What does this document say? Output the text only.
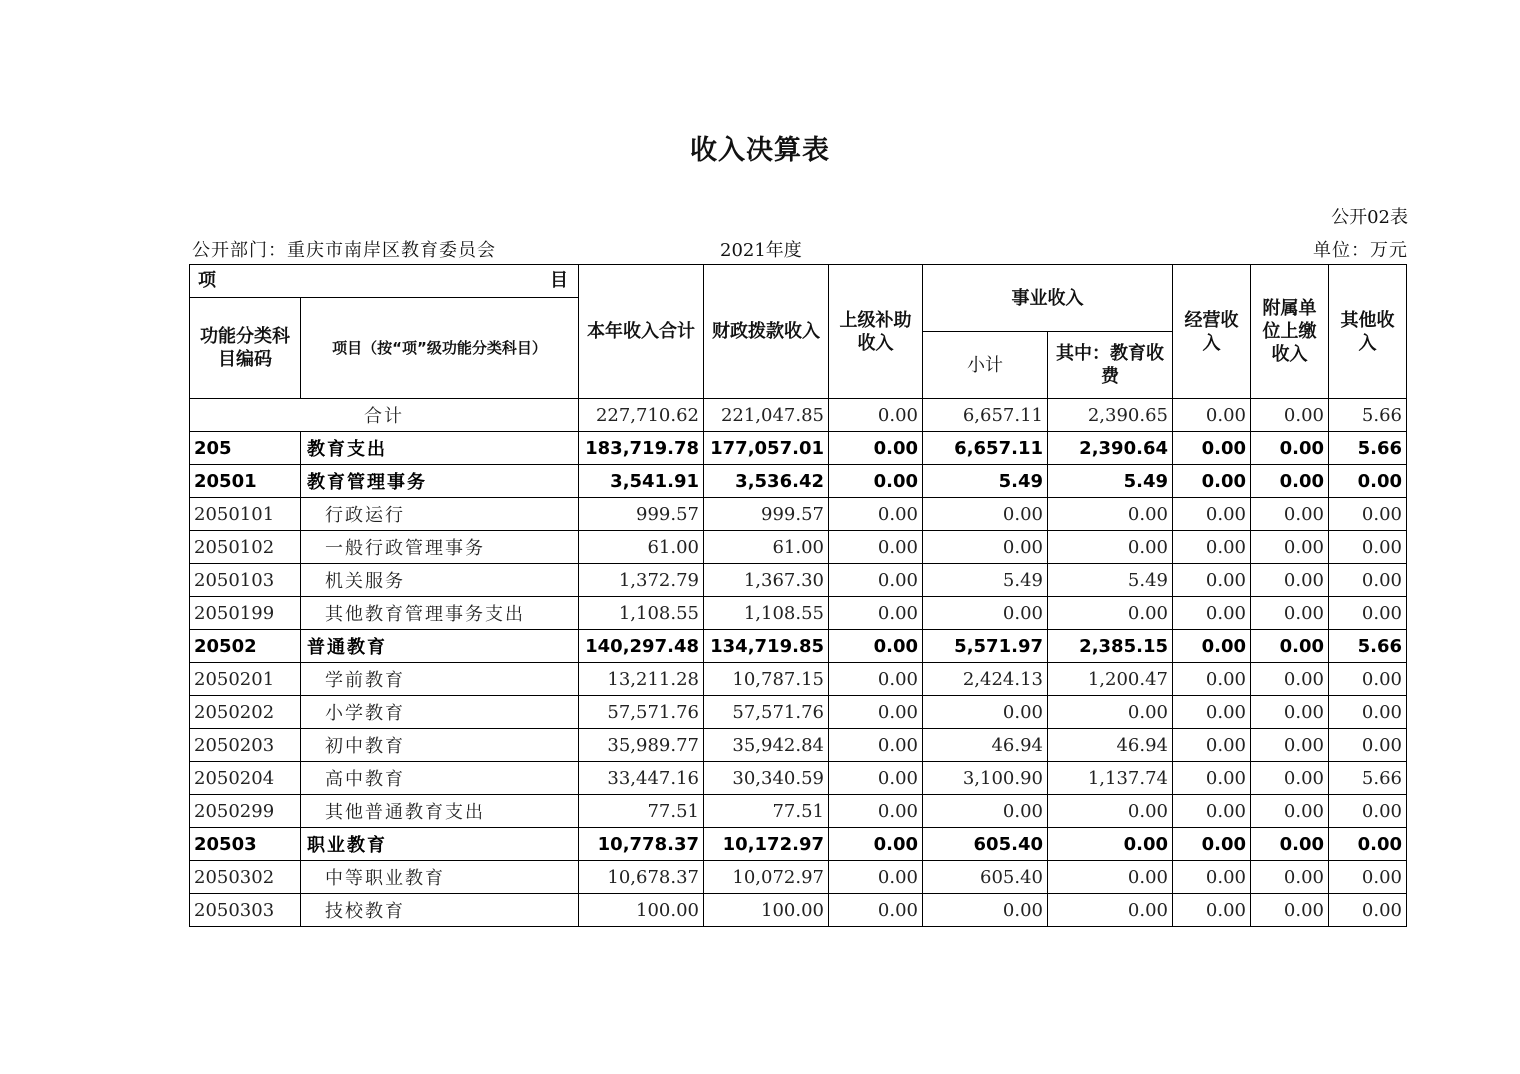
收入决算表
公开02表
公开部门：重庆市南岸区教育委员会	2021年度	单位：万元
项 目		本年收入合计	财政拨款收入	上级补助收入	事业收入		经营收入	附属单位上缴收入	其他收入
功能分类科目编码	项目（按“项”级功能分类科目）								
					小计	其中：教育收费			
合计		227,710.62	221,047.85	0.00	6,657.11	2,390.65	0.00	0.00	5.66
205	教育支出	183,719.78	177,057.01	0.00	6,657.11	2,390.64	0.00	0.00	5.66
20501	教育管理事务	3,541.91	3,536.42	0.00	5.49	5.49	0.00	0.00	0.00
2050101	行政运行	999.57	999.57	0.00	0.00	0.00	0.00	0.00	0.00
2050102	一般行政管理事务	61.00	61.00	0.00	0.00	0.00	0.00	0.00	0.00
2050103	机关服务	1,372.79	1,367.30	0.00	5.49	5.49	0.00	0.00	0.00
2050199	其他教育管理事务支出	1,108.55	1,108.55	0.00	0.00	0.00	0.00	0.00	0.00
20502	普通教育	140,297.48	134,719.85	0.00	5,571.97	2,385.15	0.00	0.00	5.66
2050201	学前教育	13,211.28	10,787.15	0.00	2,424.13	1,200.47	0.00	0.00	0.00
2050202	小学教育	57,571.76	57,571.76	0.00	0.00	0.00	0.00	0.00	0.00
2050203	初中教育	35,989.77	35,942.84	0.00	46.94	46.94	0.00	0.00	0.00
2050204	高中教育	33,447.16	30,340.59	0.00	3,100.90	1,137.74	0.00	0.00	5.66
2050299	其他普通教育支出	77.51	77.51	0.00	0.00	0.00	0.00	0.00	0.00
20503	职业教育	10,778.37	10,172.97	0.00	605.40	0.00	0.00	0.00	0.00
2050302	中等职业教育	10,678.37	10,072.97	0.00	605.40	0.00	0.00	0.00	0.00
2050303	技校教育	100.00	100.00	0.00	0.00	0.00	0.00	0.00	0.00
